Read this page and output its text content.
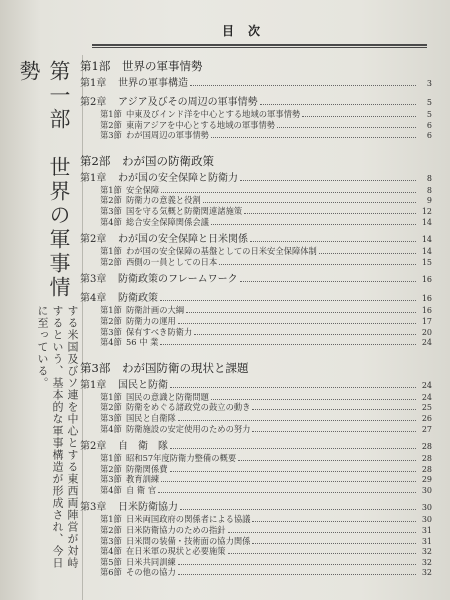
目次
第一部　世界の軍事情勢
する米国及びソ連を中心とする東西両陣営が対峙するという、基本的な軍事構造が形成され、今日に至っている。
第1部 世界の軍事情勢
第1章	世界の軍事構造	3
第2章	アジア及びその周辺の軍事情勢	5
第1節 中東及びインド洋を中心とする地域の軍事情勢	5
第2節 東南アジアを中心とする地域の軍事情勢	6
第3節 わが国周辺の軍事情勢	6
第2部 わが国の防衛政策
第1章	わが国の安全保障と防衛力	8
第1節 安全保障	8
第2節 防衛力の意義と役割	9
第3節 国を守る気概と防衛関連諸施策	12
第4節 総合安全保障関係会議	14
第2章	わが国の安全保障と日米関係	14
第1節 わが国の安全保障の基盤としての日米安全保障体制	14
第2節 西側の一員としての日本	15
第3章	防衛政策のフレームワーク	16
第4章	防衛政策	16
第1節 防衛計画の大綱	16
第2節 防衛力の運用	17
第3節 保有すべき防衛力	20
第4節 56 中 業	24
第3部 わが国防衛の現状と課題
第1章	国民と防衛	24
第1節 国民の意識と防衛問題	24
第2節 防衛をめぐる諸政党の鼓立の動き	25
第3節 国民と自衛隊	26
第4節 防衛施設の安定使用のための努力	27
第2章	自　衛　隊	28
第1節 昭和57年度防衛力整備の概要	28
第2節 防衛関係費	28
第3節 教育訓練	29
第4節 自 衛 官	30
第3章	日米防衛協力	30
第1節 日米両国政府の関係者による協議	30
第2節 日米防衛協力のための指針	31
第3節 日米間の装備・技術面の協力関係	31
第4節 在日米軍の現状と必要施策	32
第5節 日米共同訓練	32
第6節 その他の協力	32
